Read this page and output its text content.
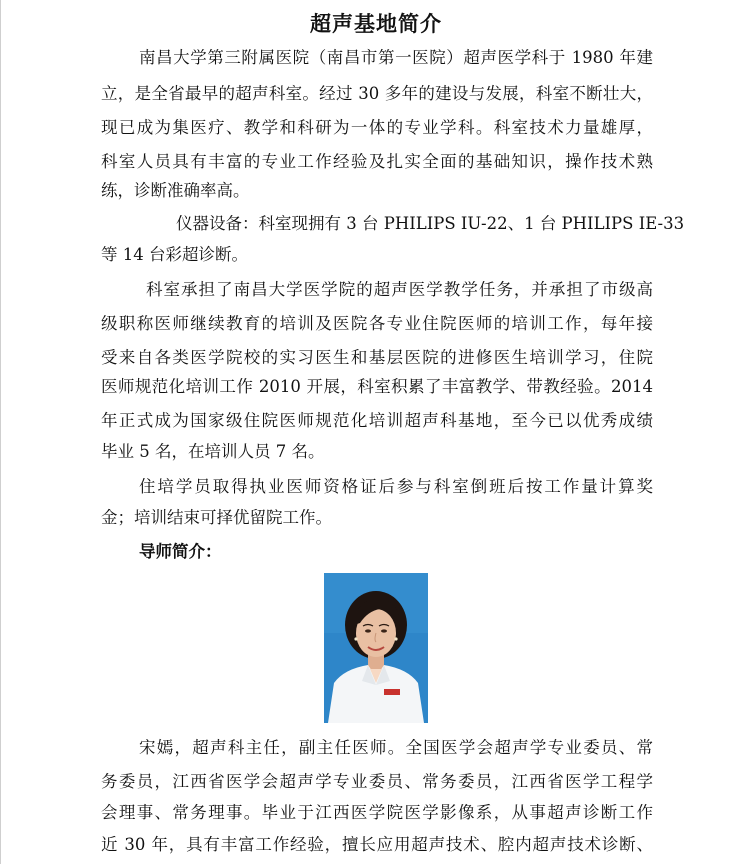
超声基地简介
南昌大学第三附属医院（南昌市第一医院）超声医学科于 1980 年建
立，是全省最早的超声科室。经过 30 多年的建设与发展，科室不断壮大，
现已成为集医疗、教学和科研为一体的专业学科。科室技术力量雄厚，
科室人员具有丰富的专业工作经验及扎实全面的基础知识，操作技术熟
练，诊断准确率高。
仪器设备：科室现拥有 3 台 PHILIPS IU-22、1 台 PHILIPS IE-33
等 14 台彩超诊断。
科室承担了南昌大学医学院的超声医学教学任务，并承担了市级高
级职称医师继续教育的培训及医院各专业住院医师的培训工作，每年接
受来自各类医学院校的实习医生和基层医院的进修医生培训学习，住院
医师规范化培训工作 2010 开展，科室积累了丰富教学、带教经验。2014
年正式成为国家级住院医师规范化培训超声科基地，至今已以优秀成绩
毕业 5 名，在培训人员 7 名。
住培学员取得执业医师资格证后参与科室倒班后按工作量计算奖
金；培训结束可择优留院工作。
导师简介：
宋嫣，超声科主任，副主任医师。全国医学会超声学专业委员、常
务委员，江西省医学会超声学专业委员、常务委员，江西省医学工程学
会理事、常务理事。毕业于江西医学院医学影像系，从事超声诊断工作
近 30 年，具有丰富工作经验，擅长应用超声技术、腔内超声技术诊断、
